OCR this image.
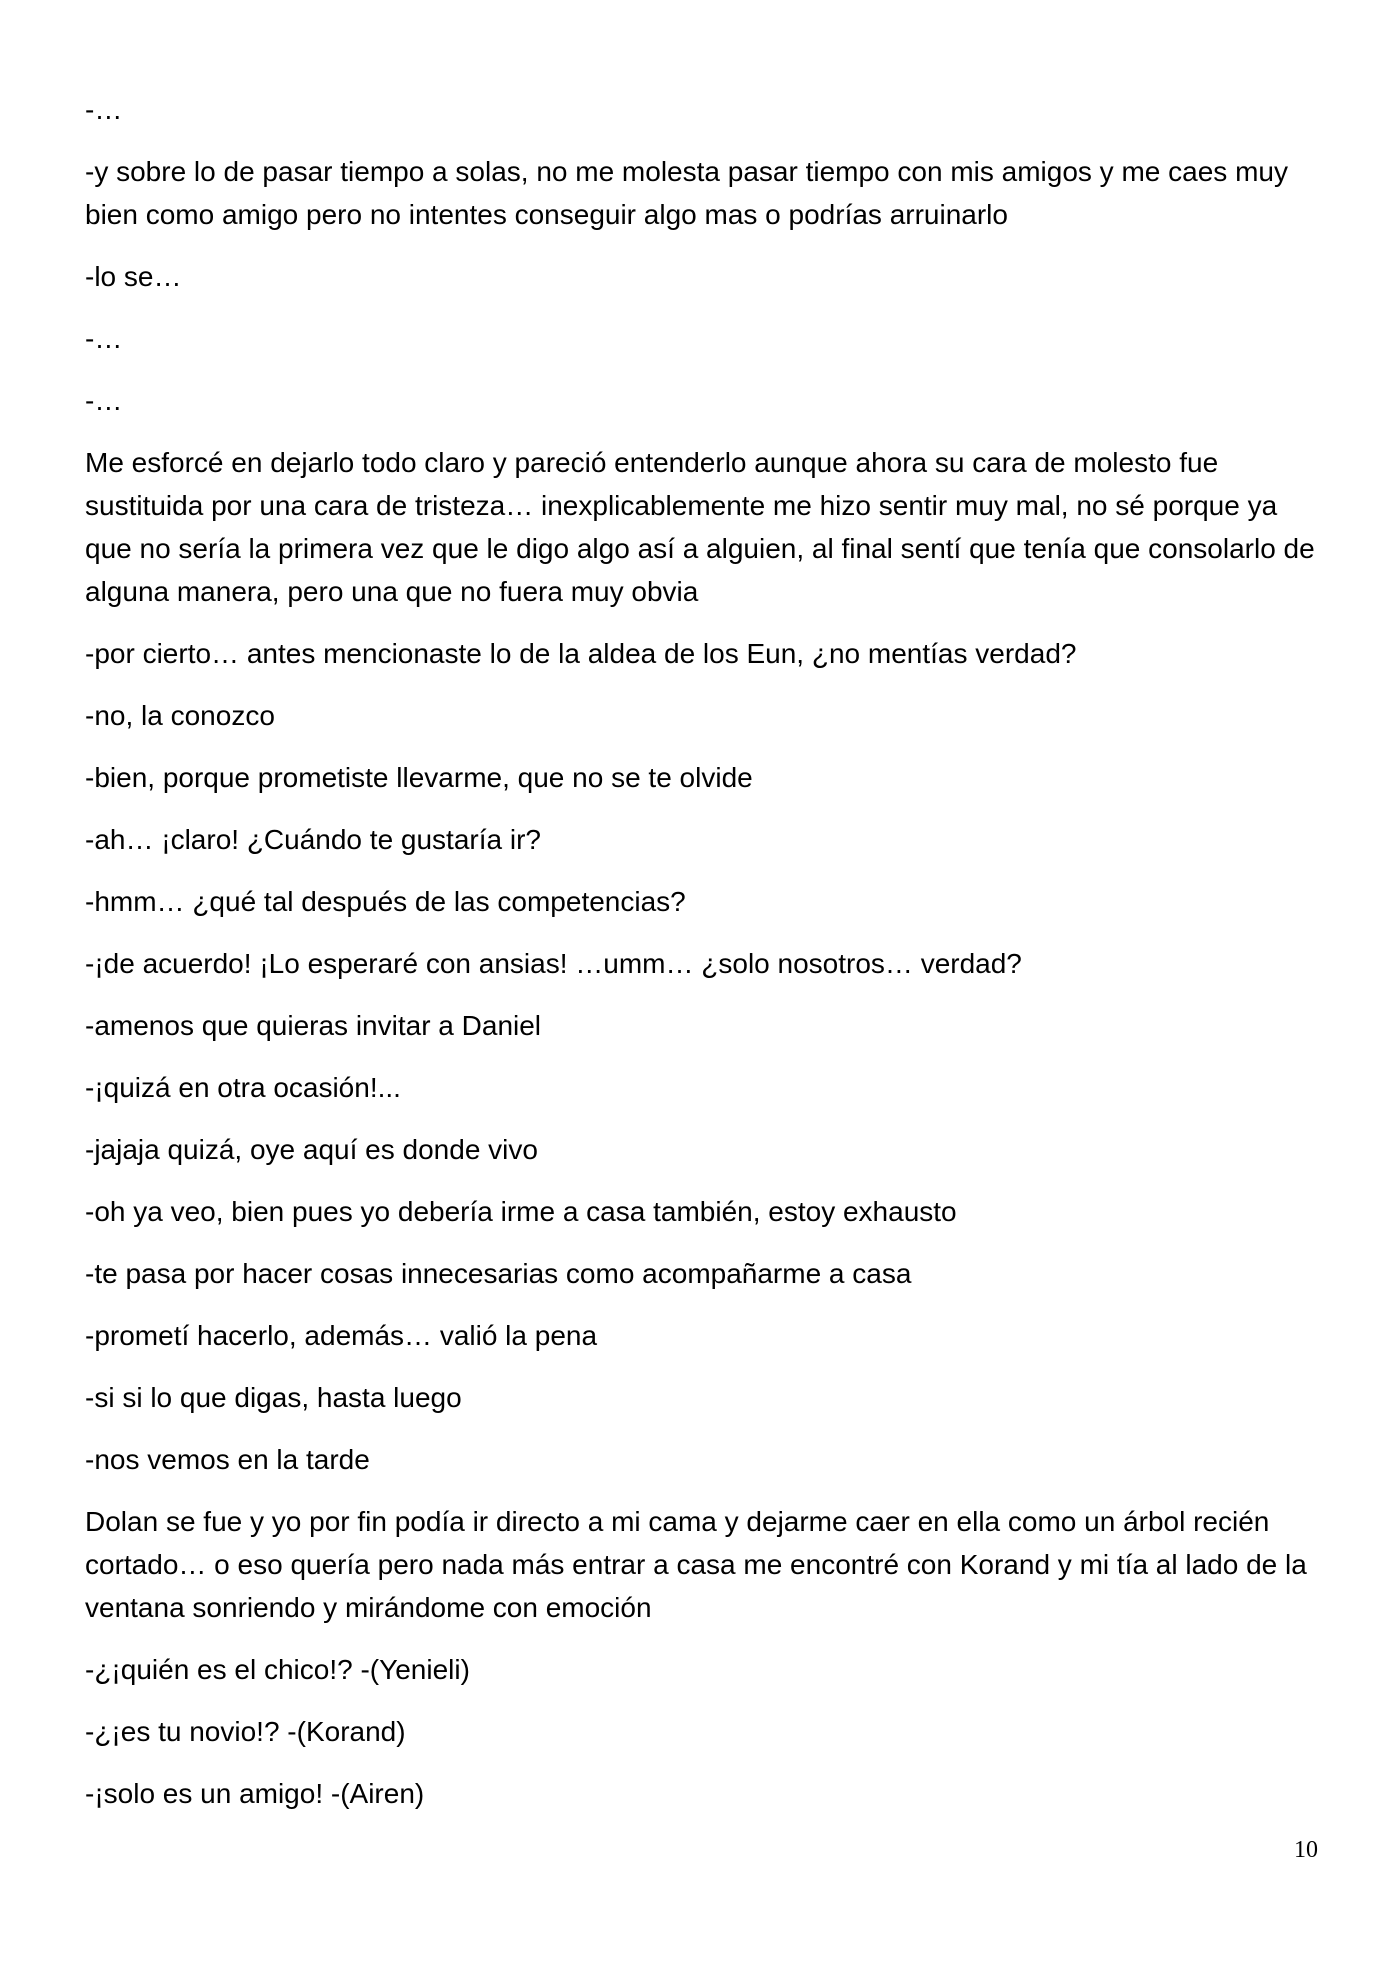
-…

-y sobre lo de pasar tiempo a solas, no me molesta pasar tiempo con mis amigos y me caes muy bien como amigo pero no intentes conseguir algo mas o podrías arruinarlo

-lo se…

-…

-…

Me esforcé en dejarlo todo claro y pareció entenderlo aunque ahora su cara de molesto fue sustituida por una cara de tristeza… inexplicablemente me hizo sentir muy mal, no sé porque ya que no sería la primera vez que le digo algo así a alguien, al final sentí que tenía que consolarlo de alguna manera, pero una que no fuera muy obvia

-por cierto… antes mencionaste lo de la aldea de los Eun, ¿no mentías verdad?

-no, la conozco

-bien, porque prometiste llevarme, que no se te olvide

-ah… ¡claro! ¿Cuándo te gustaría ir?

-hmm… ¿qué tal después de las competencias?

-¡de acuerdo! ¡Lo esperaré con ansias! …umm… ¿solo nosotros… verdad?

-amenos que quieras invitar a Daniel

-¡quizá en otra ocasión!...

-jajaja quizá, oye aquí es donde vivo

-oh ya veo, bien pues yo debería irme a casa también, estoy exhausto

-te pasa por hacer cosas innecesarias como acompañarme a casa

-prometí hacerlo, además… valió la pena

-si si lo que digas, hasta luego

-nos vemos en la tarde

Dolan se fue y yo por fin podía ir directo a mi cama y dejarme caer en ella como un árbol recién cortado… o eso quería pero nada más entrar a casa me encontré con Korand y mi tía al lado de la ventana sonriendo y mirándome con emoción

-¿¡quién es el chico!? -(Yenieli)

-¿¡es tu novio!? -(Korand)

-¡solo es un amigo! -(Airen)

10
